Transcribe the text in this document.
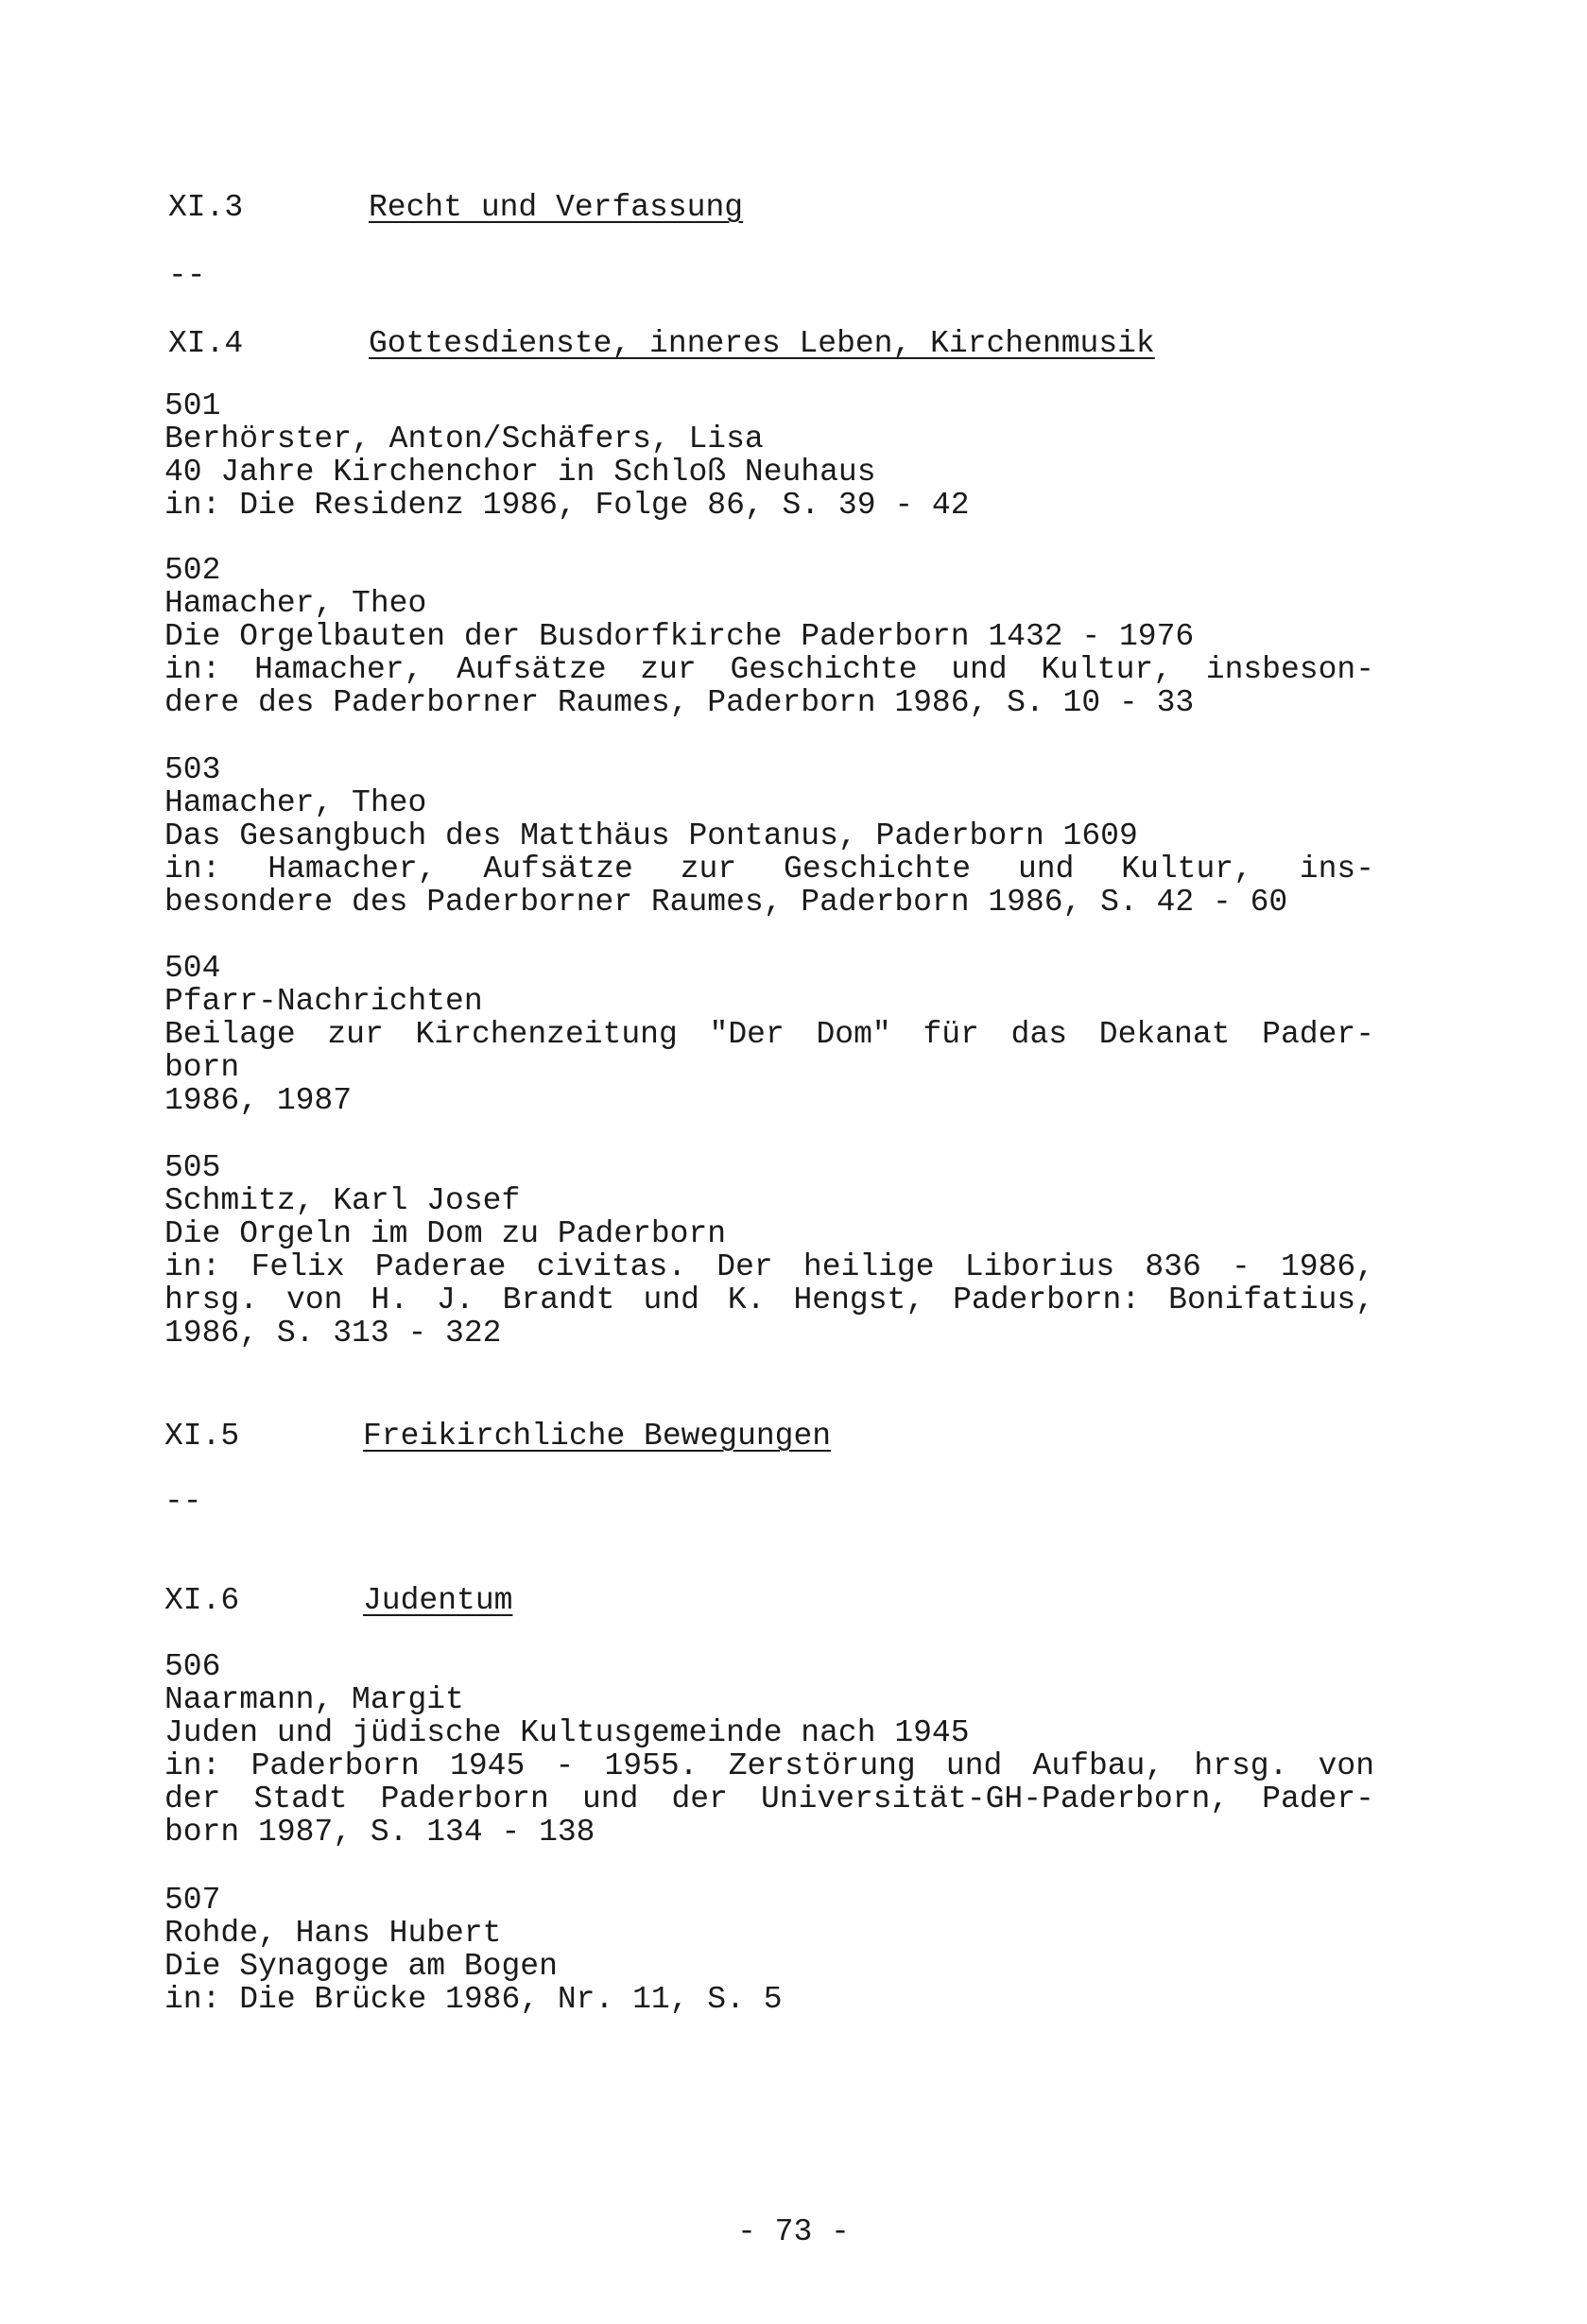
XI.3

	Recht und Verfassung

--

XI.4

	Gottesdienste, inneres Leben, Kirchenmusik

501
Berhörster, Anton/Schäfers, Lisa
40 Jahre Kirchenchor in Schloß Neuhaus
in: Die Residenz 1986, Folge 86, S. 39 - 42
502
Hamacher, Theo
Die Orgelbauten der Busdorfkirche Paderborn 1432 - 1976
in: Hamacher, Aufsätze zur Geschichte und Kultur, insbeson-
dere des Paderborner Raumes, Paderborn 1986, S. 10 - 33
503
Hamacher, Theo
Das Gesangbuch des Matthäus Pontanus, Paderborn 1609
in: Hamacher, Aufsätze zur Geschichte und Kultur, ins-
besondere des Paderborner Raumes, Paderborn 1986, S. 42 - 60
504
Pfarr-Nachrichten
Beilage zur Kirchenzeitung "Der Dom" für das Dekanat Pader-
born
1986, 1987
505
Schmitz, Karl Josef
Die Orgeln im Dom zu Paderborn
in: Felix Paderae civitas. Der heilige Liborius 836 - 1986,
hrsg. von H. J. Brandt und K. Hengst, Paderborn: Bonifatius,
1986, S. 313 - 322

XI.5

	Freikirchliche Bewegungen

--

XI.6

	Judentum

506
Naarmann, Margit
Juden und jüdische Kultusgemeinde nach 1945
in: Paderborn 1945 - 1955. Zerstörung und Aufbau, hrsg. von
der Stadt Paderborn und der Universität-GH-Paderborn, Pader-
born 1987, S. 134 - 138
507
Rohde, Hans Hubert
Die Synagoge am Bogen
in: Die Brücke 1986, Nr. 11, S. 5
- 73 -
